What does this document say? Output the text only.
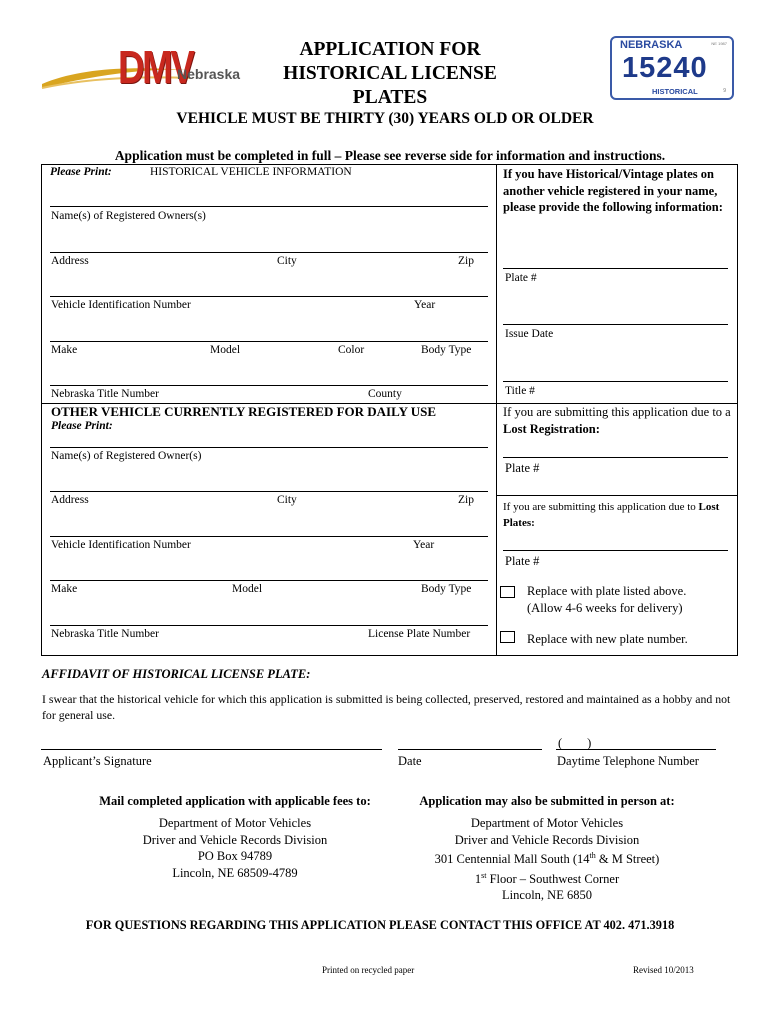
DMV
Nebraska
APPLICATION FOR
HISTORICAL LICENSE PLATES
NEBRASKA	NE 1987
15240
HISTORICAL	9
VEHICLE MUST BE THIRTY (30) YEARS OLD OR OLDER
Application must be completed in full – Please see reverse side for information and instructions.
Please Print:	HISTORICAL VEHICLE INFORMATION
Name(s) of Registered Owners(s)
Address	City	Zip
Vehicle Identification Number	Year
Make	Model	Color	Body Type
Nebraska Title Number	County
OTHER VEHICLE CURRENTLY REGISTERED FOR DAILY USE
Please Print:
Name(s) of Registered Owner(s)
Address	City	Zip
Vehicle Identification Number	Year
Make	Model	Body Type
Nebraska Title Number	License Plate Number
If you have Historical/Vintage plates on another vehicle registered in your name, please provide the following information:
Plate #
Issue Date
Title #
If you are submitting this application due to a Lost Registration:
Plate #
If you are submitting this application due to Lost Plates:
Plate #
Replace with plate listed above.
(Allow 4-6 weeks for delivery)
Replace with new plate number.
AFFIDAVIT OF HISTORICAL LICENSE PLATE:
I swear that the historical vehicle for which this application is submitted is being collected, preserved, restored and maintained as a hobby and not for general use.
Applicant’s Signature	Date
(        )
Daytime Telephone Number
Mail completed application with applicable fees to:
Department of Motor Vehicles
Driver and Vehicle Records Division
PO Box 94789
Lincoln, NE 68509-4789
Application may also be submitted in person at:
Department of Motor Vehicles
Driver and Vehicle Records Division
301 Centennial Mall South (14th & M Street)
1st Floor – Southwest Corner
Lincoln, NE 6850
FOR QUESTIONS REGARDING THIS APPLICATION PLEASE CONTACT THIS OFFICE AT 402. 471.3918
Printed on recycled paper	Revised 10/2013
